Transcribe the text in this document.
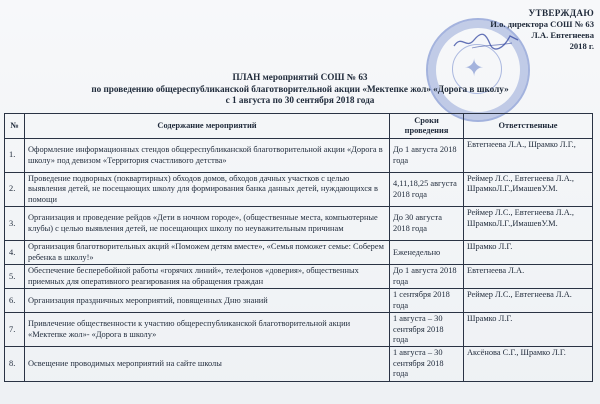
✦
УТВЕРЖДАЮ
И.о. директора СОШ № 63
Л.А. Евтегнеева
2018 г.
ПЛАН мероприятий СОШ № 63
по проведению общереспубликанской благотворительной акции «Мектепке жол» «Дорога в школу»
с 1 августа по 30 сентября 2018 года
№	Содержание мероприятий	Сроки проведения	Ответственные
1.	Оформление информационных стендов общереспубликанской благотворительной акции «Дорога в школу» под девизом «Территория счастливого детства»	До 1 августа 2018 года	Евтегнеева Л.А., Шрамко Л.Г.,
2.	Проведение подворных (поквартирных) обходов домов, обходов дачных участков с целью выявления детей, не посещающих школу для формирования банка данных детей, нуждающихся в помощи	4,11,18,25 августа 2018 года	Реймер Л.С., Евтегнеева Л.А., ШрамкоЛ.Г.,ИмашевУ.М.
3.	Организация и проведение рейдов «Дети в ночном городе», (общественные места, компьютерные клубы) с целью выявления детей, не посещающих школу по неуважительным причинам	До 30 августа 2018 года	Реймер Л.С., Евтегнеева Л.А., ШрамкоЛ.Г.,ИмашевУ.М.
4.	Организация благотворительных акций «Поможем детям вместе», «Семья поможет семье: Соберем ребенка в школу!»	Еженедельно	Шрамко Л.Г.
5.	Обеспечение бесперебойной работы «горячих линий», телефонов «доверия», общественных приемных для оперативного реагирования на обращения граждан	До 1 августа 2018 года	Евтегнеева Л.А.
6.	Организация праздничных мероприятий, повященных Дню знаний	1 сентября 2018 года	Реймер Л.С., Евтегнеева Л.А.
7.	Привлечение общественности к участию общереспубликанской благотворительной акции «Мектепке жол»- «Дорога в школу»	1 августа – 30 сентября 2018 года	Шрамко Л.Г.
8.	Освещение проводимых мероприятий на сайте школы	1 августа – 30 сентября 2018 года	Аксёнова С.Г., Шрамко Л.Г.
